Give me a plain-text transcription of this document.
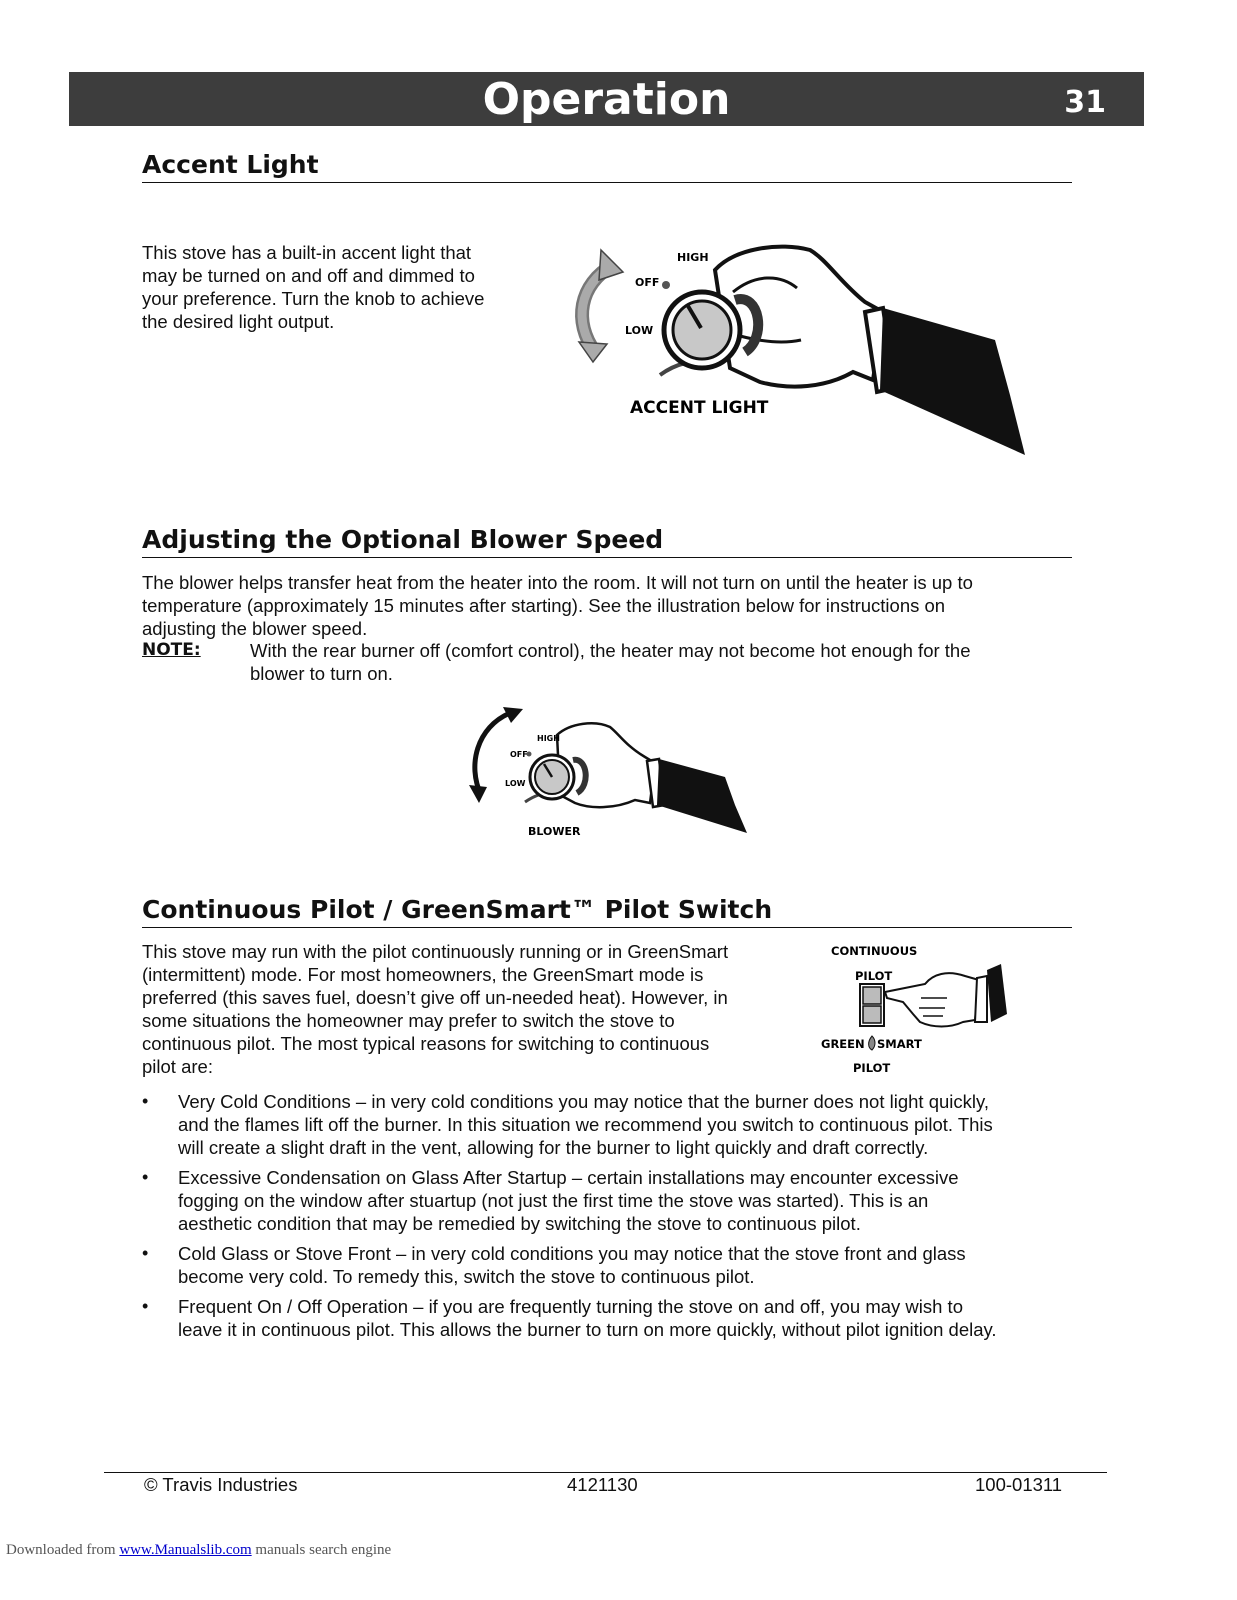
Operation	31
Accent Light

This stove has a built-in accent light that

may be turned on and off and dimmed to

your preference. Turn the knob to achieve

the desired light output.

HIGH
OFF
LOW
ACCENT LIGHT
Adjusting the Optional Blower Speed

The blower helps transfer heat from the heater into the room. It will not turn on until the heater is up to

temperature (approximately 15 minutes after starting). See the illustration below for instructions on

adjusting the blower speed.

NOTE:	With the rear burner off (comfort control), the heater may not become hot enough for the

blower to turn on.

HIGH
OFF
LOW
BLOWER
Continuous Pilot / GreenSmart™ Pilot Switch

This stove may run with the pilot continuously running or in GreenSmart

(intermittent) mode. For most homeowners, the GreenSmart mode is

preferred (this saves fuel, doesn’t give off un-needed heat). However, in

some situations the homeowner may prefer to switch the stove to

continuous pilot. The most typical reasons for switching to continuous

pilot are:

CONTINUOUS
PILOT
GREEN SMART
PILOT
• Very Cold Conditions – in very cold conditions you may notice that the burner does not light quickly,

and the flames lift off the burner. In this situation we recommend you switch to continuous pilot. This

will create a slight draft in the vent, allowing for the burner to light quickly and draft correctly.

• Excessive Condensation on Glass After Startup – certain installations may encounter excessive

fogging on the window after stuartup (not just the first time the stove was started). This is an

aesthetic condition that may be remedied by switching the stove to continuous pilot.

• Cold Glass or Stove Front – in very cold conditions you may notice that the stove front and glass

become very cold. To remedy this, switch the stove to continuous pilot.

• Frequent On / Off Operation – if you are frequently turning the stove on and off, you may wish to

leave it in continuous pilot. This allows the burner to turn on more quickly, without pilot ignition delay.

© Travis Industries	4121130	100-01311
Downloaded from www.Manualslib.com manuals search engine
